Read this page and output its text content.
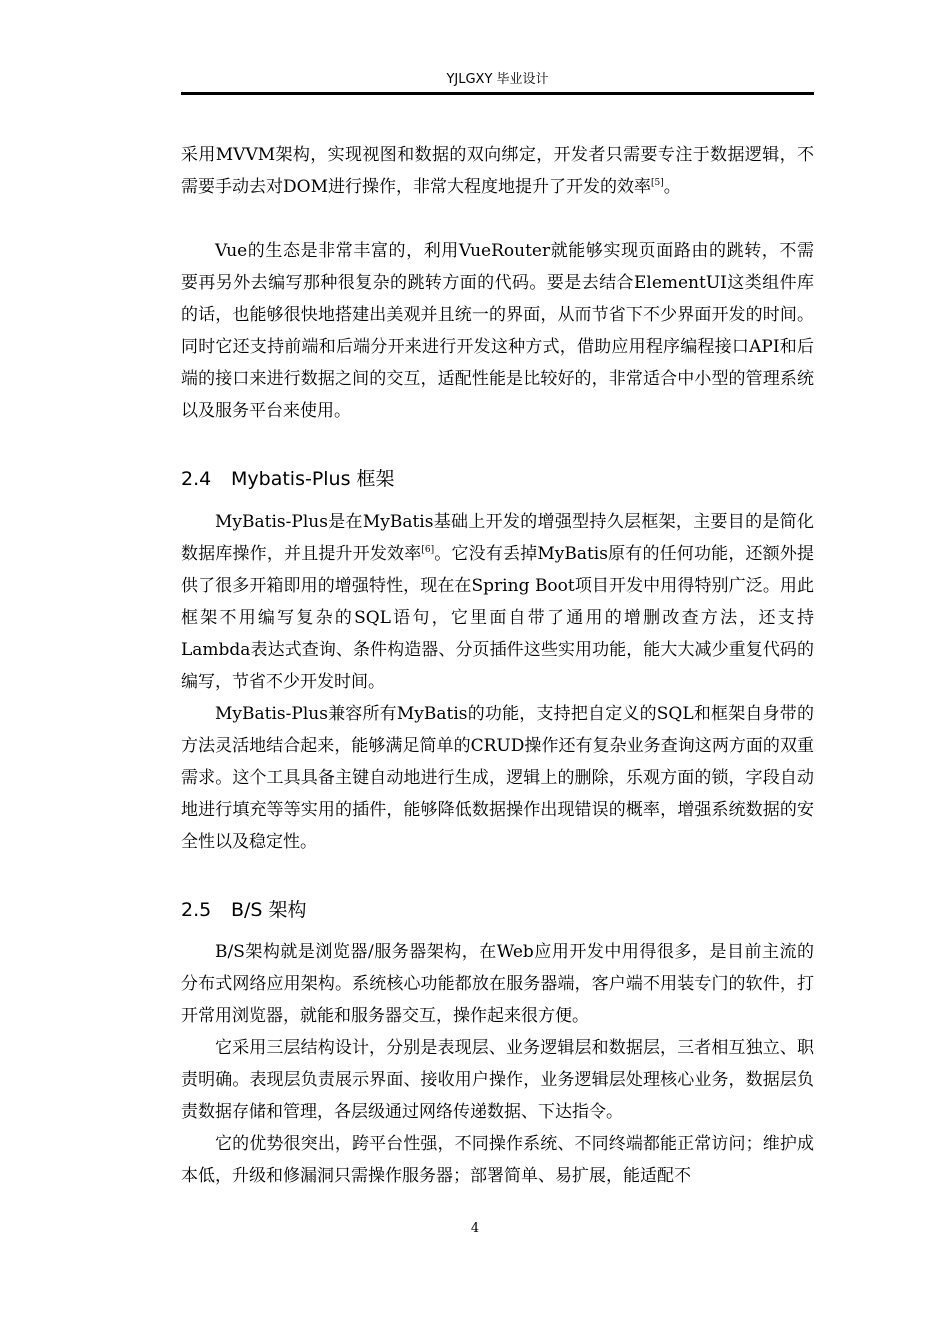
YJLGXY 毕业设计

采用MVVM架构，实现视图和数据的双向绑定，开发者只需要专注于数据逻辑，不需要手动去对DOM进行操作，非常大程度地提升了开发的效率[5]。

Vue的生态是非常丰富的，利用VueRouter就能够实现页面路由的跳转，不需要再另外去编写那种很复杂的跳转方面的代码。要是去结合ElementUI这类组件库的话，也能够很快地搭建出美观并且统一的界面，从而节省下不少界面开发的时间。同时它还支持前端和后端分开来进行开发这种方式，借助应用程序编程接口API和后端的接口来进行数据之间的交互，适配性能是比较好的，非常适合中小型的管理系统以及服务平台来使用。

2.4 Mybatis-Plus 框架

MyBatis-Plus是在MyBatis基础上开发的增强型持久层框架，主要目的是简化数据库操作，并且提升开发效率[6]。它没有丢掉MyBatis原有的任何功能，还额外提供了很多开箱即用的增强特性，现在在Spring Boot项目开发中用得特别广泛。用此框架不用编写复杂的SQL语句，它里面自带了通用的增删改查方法，还支持Lambda表达式查询、条件构造器、分页插件这些实用功能，能大大减少重复代码的编写，节省不少开发时间。

MyBatis-Plus兼容所有MyBatis的功能，支持把自定义的SQL和框架自身带的方法灵活地结合起来，能够满足简单的CRUD操作还有复杂业务查询这两方面的双重需求。这个工具具备主键自动地进行生成，逻辑上的删除，乐观方面的锁，字段自动地进行填充等等实用的插件，能够降低数据操作出现错误的概率，增强系统数据的安全性以及稳定性。

2.5 B/S 架构

B/S架构就是浏览器/服务器架构，在Web应用开发中用得很多，是目前主流的分布式网络应用架构。系统核心功能都放在服务器端，客户端不用装专门的软件，打开常用浏览器，就能和服务器交互，操作起来很方便。

它采用三层结构设计，分别是表现层、业务逻辑层和数据层，三者相互独立、职责明确。表现层负责展示界面、接收用户操作，业务逻辑层处理核心业务，数据层负责数据存储和管理，各层级通过网络传递数据、下达指令。

它的优势很突出，跨平台性强，不同操作系统、不同终端都能正常访问；维护成本低，升级和修漏洞只需操作服务器；部署简单、易扩展，能适配不

4
